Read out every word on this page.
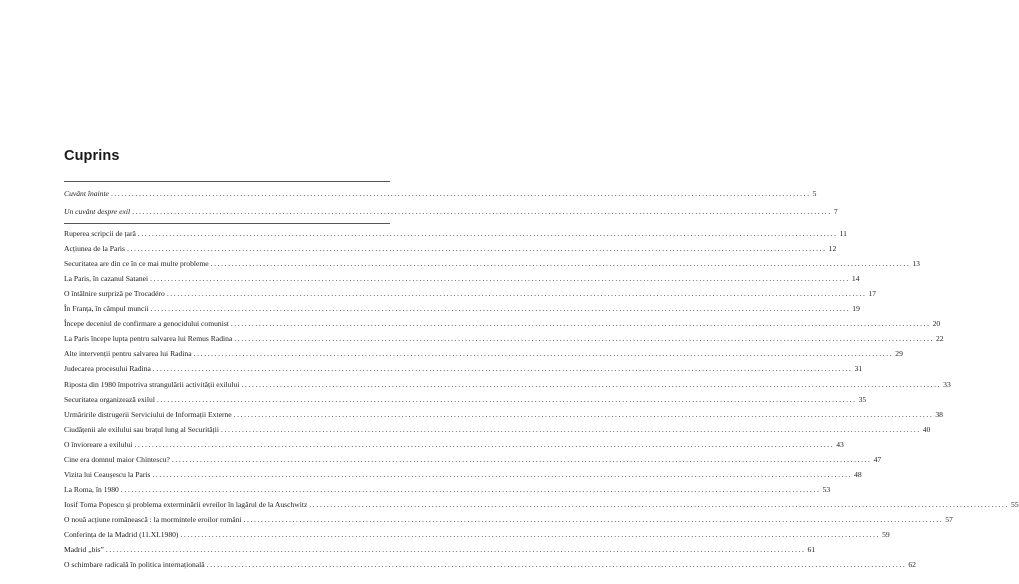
Cuprins
Cuvânt înainte ........................................................................................................................................................................................................ 5
Un cuvânt despre exil ........................................................................................................................................................................................................ 7
Ruperea scripcii de țară ........................................................................................................................................................................................................ 11
Acțiunea de la Paris ........................................................................................................................................................................................................ 12
Securitatea are din ce în ce mai multe probleme ........................................................................................................................................................................................................ 13
La Paris, în cazanul Satanei ........................................................................................................................................................................................................ 14
O întâlnire surpriză pe Trocadéro ........................................................................................................................................................................................................ 17
În Franța, în câmpul muncii ........................................................................................................................................................................................................ 19
Începe deceniul de confirmare a genocidului comunist ........................................................................................................................................................................................................ 20
La Paris începe lupta pentru salvarea lui Remus Radina ........................................................................................................................................................................................................ 22
Alte intervenții pentru salvarea lui Radina ........................................................................................................................................................................................................ 29
Judecarea procesului Radina ........................................................................................................................................................................................................ 31
Riposta din 1980 împotriva strangulării activității exilului ........................................................................................................................................................................................................ 33
Securitatea organizează exilul ........................................................................................................................................................................................................ 35
Urmăririle distrugerii Serviciului de Informații Externe ........................................................................................................................................................................................................ 38
Ciudățenii ale exilului sau brațul lung al Securității ........................................................................................................................................................................................................ 40
O învioreare a exilului ........................................................................................................................................................................................................ 43
Cine era domnul maior Chintescu? ........................................................................................................................................................................................................ 47
Vizita lui Ceaușescu la Paris ........................................................................................................................................................................................................ 48
La Roma, în 1980 ........................................................................................................................................................................................................ 53
Iosif Toma Popescu și problema exterminării evreilor în lagărul de la Auschwitz ........................................................................................................................................................................................................ 55
O nouă acțiune românească : la mormintele eroilor români ........................................................................................................................................................................................................ 57
Conferința de la Madrid (11.XI.1980) ........................................................................................................................................................................................................ 59
Madrid „bis” ........................................................................................................................................................................................................ 61
O schimbare radicală în politica internațională ........................................................................................................................................................................................................ 62
